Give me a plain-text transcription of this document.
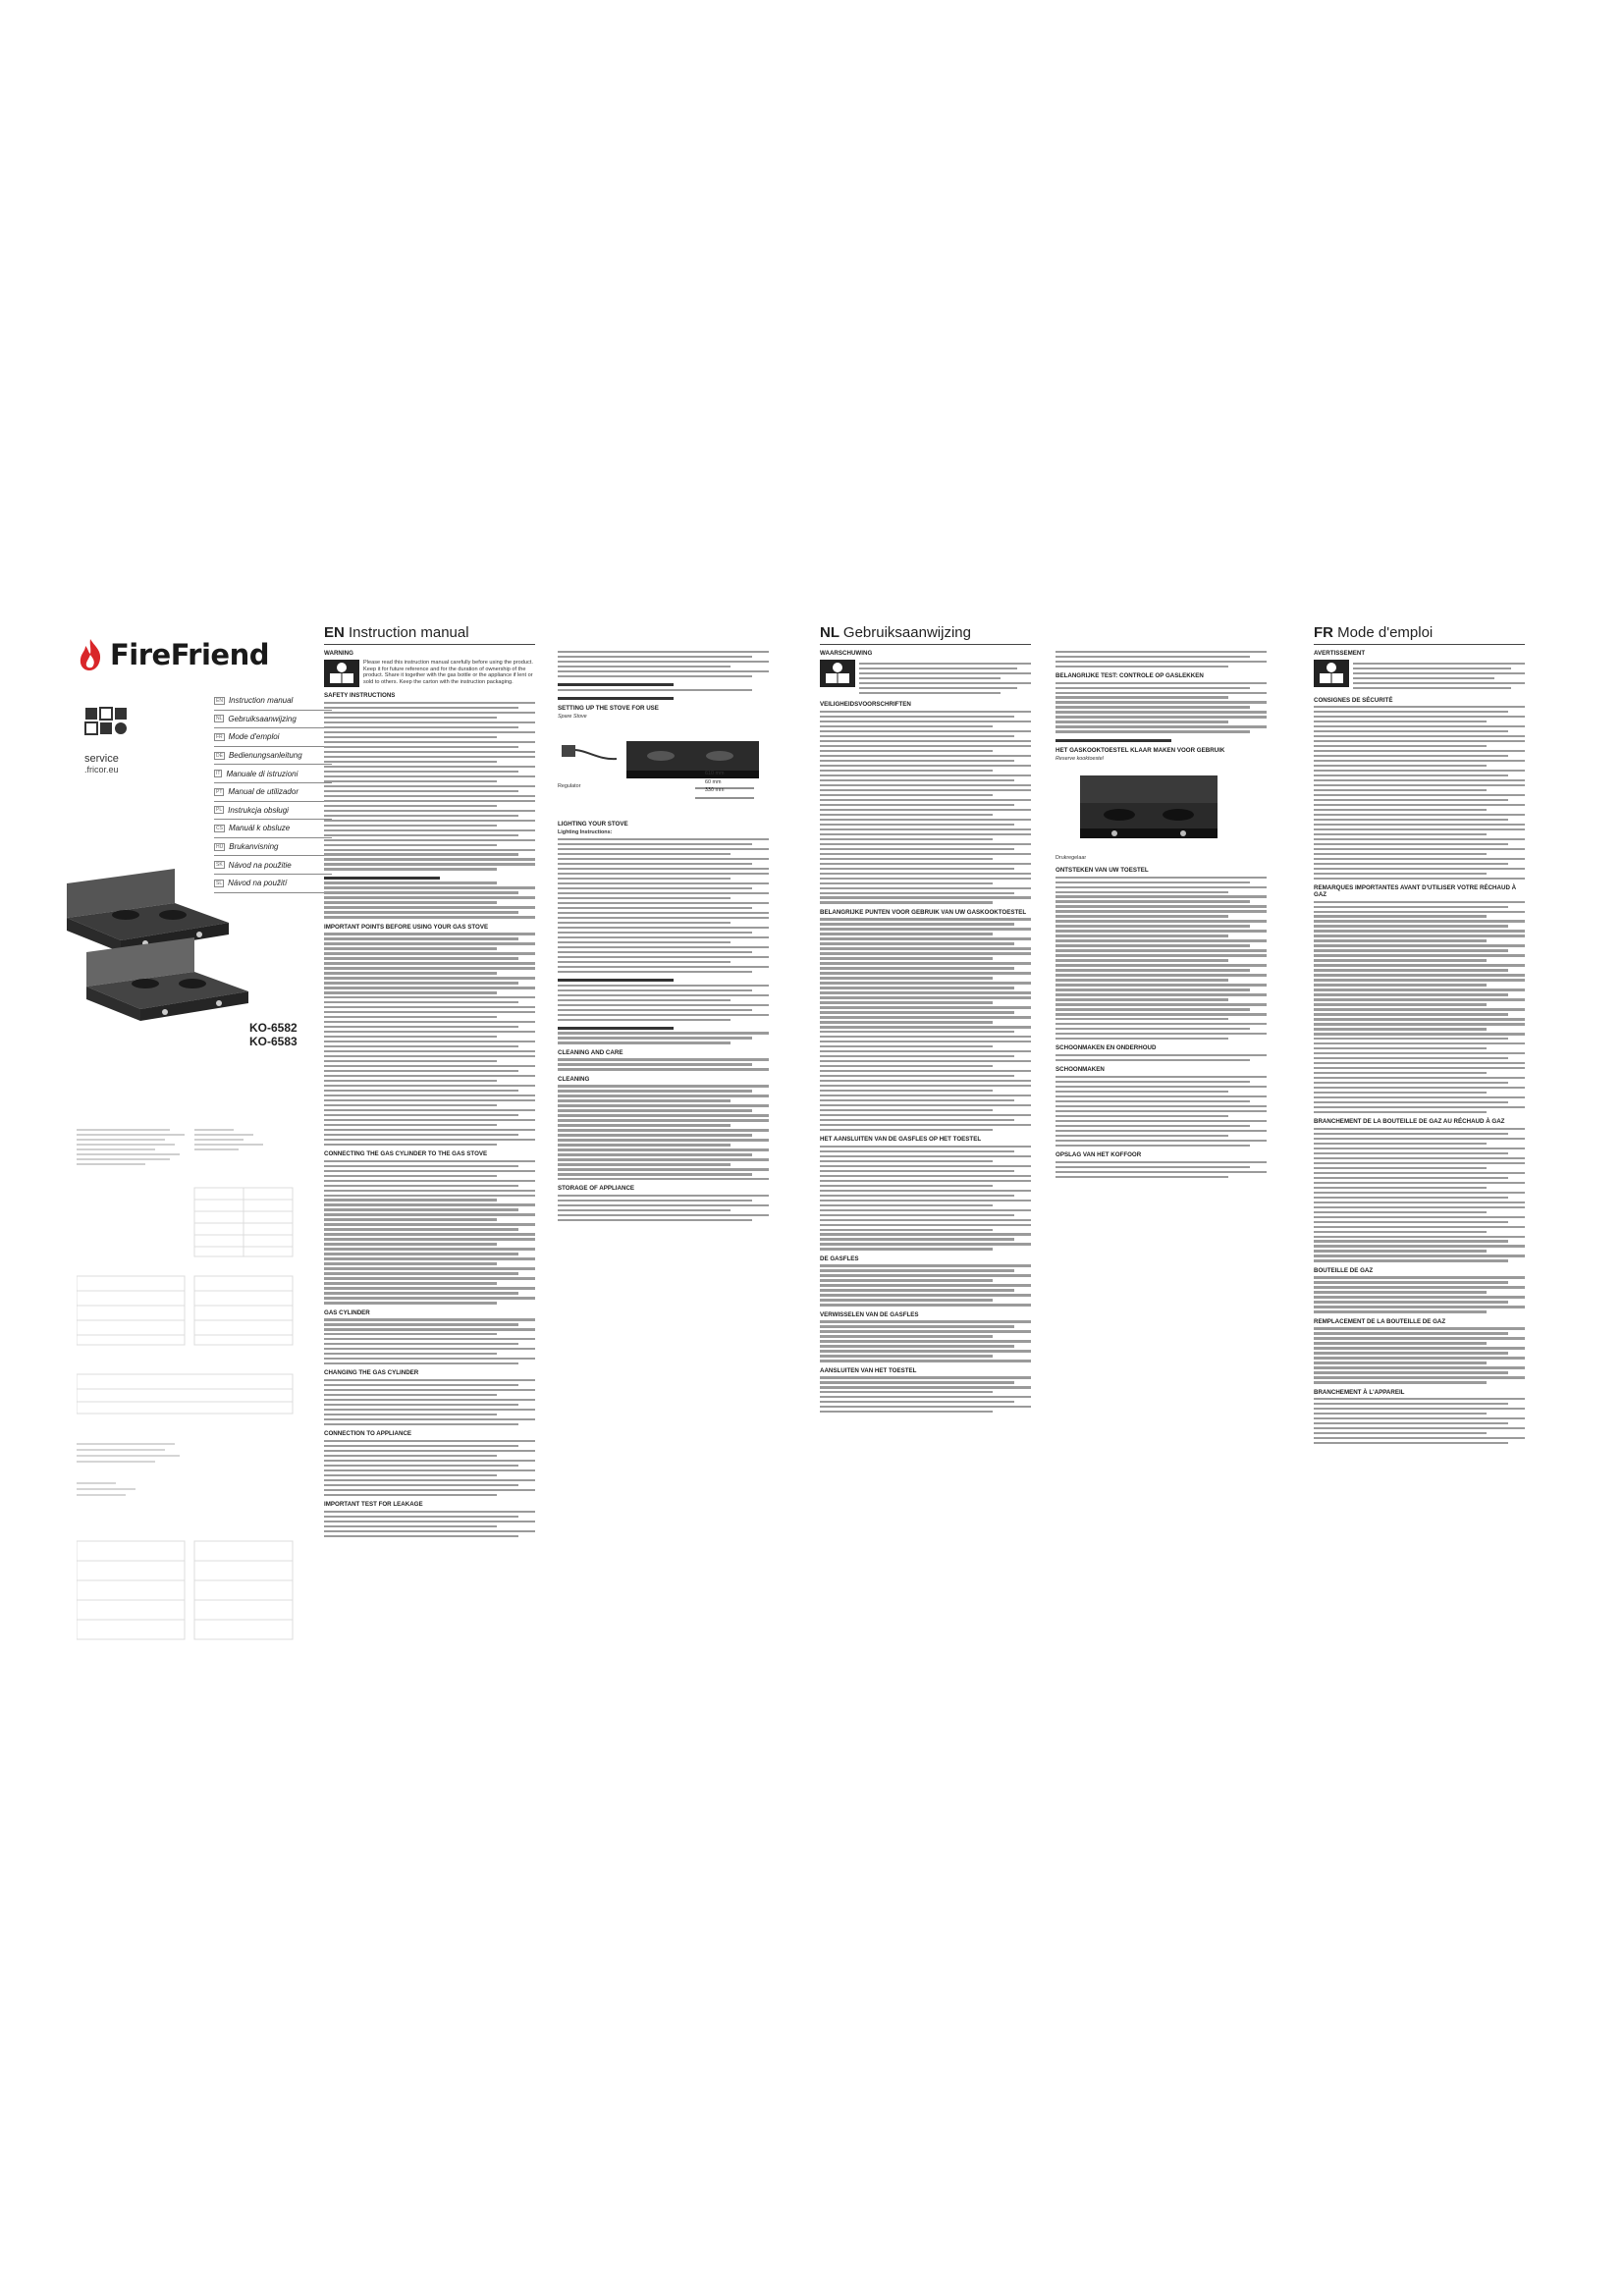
FireFriend
service
.fricor.eu
EN Instruction manual
NL Gebruiksaanwijzing
FR Mode d'emploi
DE Bedienungsanleitung
IT Manuale di istruzioni
PT Manual de utilizador
PL Instrukcja obsługi
CS Manuál k obsluze
HU Brukanvisning
SK Návod na použitie
SL Návod na použití
KO-6582
KO-6583
EN Instruction manual
WARNING
Please read this instruction manual carefully before using the product. Keep it for future reference and for the duration of ownership of the product. Share it together with the gas bottle or the appliance if lent or sold to others. Keep the carton with the instruction packaging.
SAFETY INSTRUCTIONS
IMPORTANT POINTS BEFORE USING YOUR GAS STOVE
CONNECTING THE GAS CYLINDER TO THE GAS STOVE
GAS CYLINDER
CHANGING THE GAS CYLINDER
CONNECTION TO APPLIANCE
IMPORTANT TEST FOR LEAKAGE
SETTING UP THE STOVE FOR USE
Spare Stove
Regulator
610 mm
60 mm
330 mm
LIGHTING YOUR STOVE
Lighting Instructions:
CLEANING AND CARE
CLEANING
STORAGE OF APPLIANCE
NL Gebruiksaanwijzing
WAARSCHUWING
VEILIGHEIDSVOORSCHRIFTEN
BELANGRIJKE PUNTEN VOOR GEBRUIK VAN UW GASKOOKTOESTEL
HET AANSLUITEN VAN DE GASFLES OP HET TOESTEL
DE GASFLES
VERWISSELEN VAN DE GASFLES
AANSLUITEN VAN HET TOESTEL
BELANGRIJKE TEST: CONTROLE OP GASLEKKEN
HET GASKOOKTOESTEL KLAAR MAKEN VOOR GEBRUIK
Reserve kooktoestel
Drukregelaar
ONTSTEKEN VAN UW TOESTEL
SCHOONMAKEN EN ONDERHOUD
SCHOONMAKEN
OPSLAG VAN HET KOFFOOR
FR Mode d'emploi
AVERTISSEMENT
CONSIGNES DE SÉCURITÉ
REMARQUES IMPORTANTES AVANT D'UTILISER VOTRE RÉCHAUD À GAZ
BRANCHEMENT DE LA BOUTEILLE DE GAZ AU RÉCHAUD À GAZ
BOUTEILLE DE GAZ
REMPLACEMENT DE LA BOUTEILLE DE GAZ
BRANCHEMENT À L'APPAREIL
